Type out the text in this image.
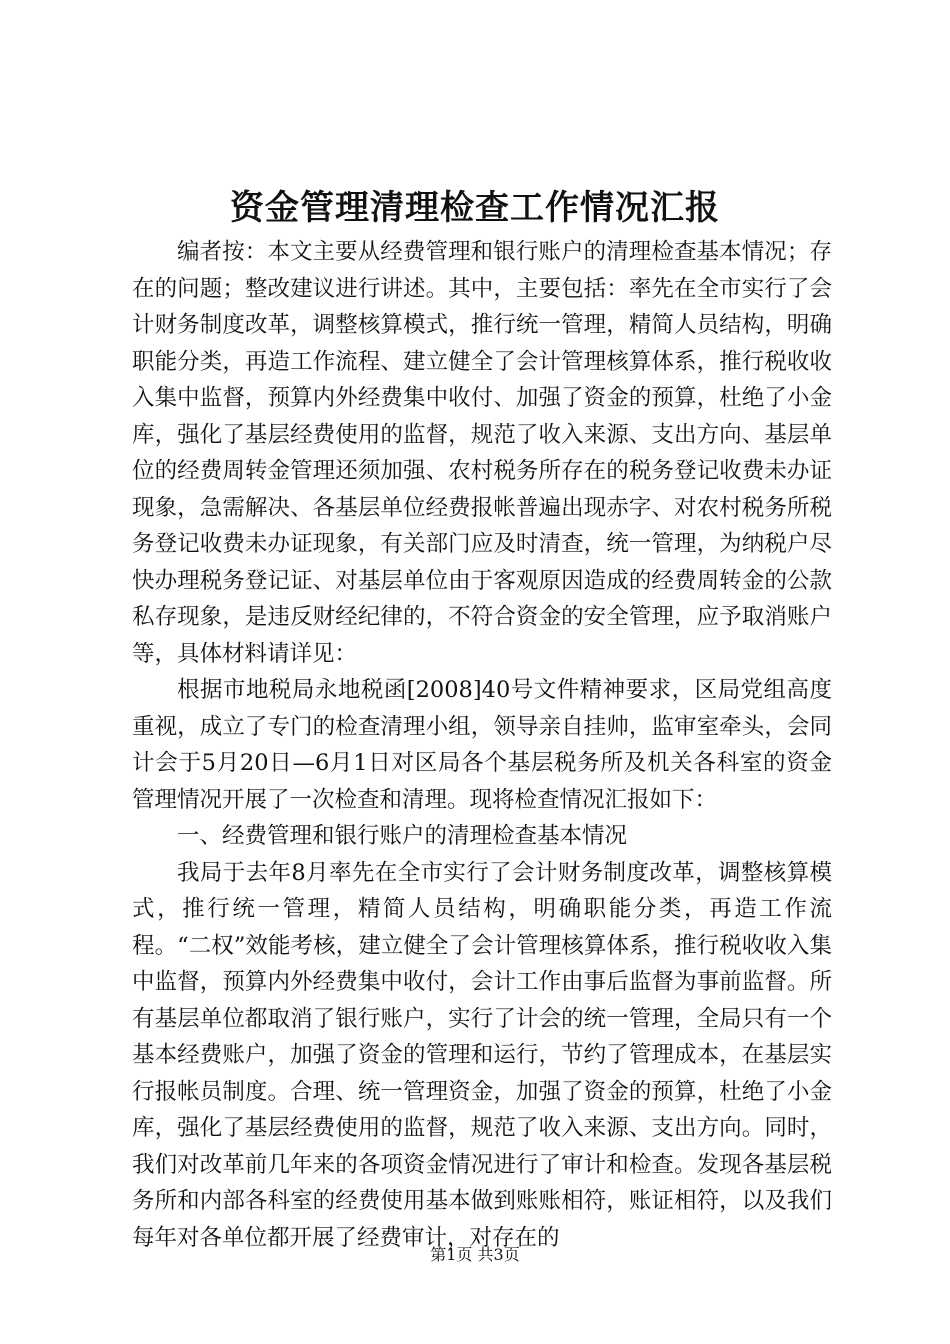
资金管理清理检查工作情况汇报

编者按：本文主要从经费管理和银行账户的清理检查基本情况；存在的问题；整改建议进行讲述。其中，主要包括：率先在全市实行了会计财务制度改革，调整核算模式，推行统一管理，精简人员结构，明确职能分类，再造工作流程、建立健全了会计管理核算体系，推行税收收入集中监督，预算内外经费集中收付、加强了资金的预算，杜绝了小金库，强化了基层经费使用的监督，规范了收入来源、支出方向、基层单位的经费周转金管理还须加强、农村税务所存在的税务登记收费未办证现象，急需解决、各基层单位经费报帐普遍出现赤字、对农村税务所税务登记收费未办证现象，有关部门应及时清查，统一管理，为纳税户尽快办理税务登记证、对基层单位由于客观原因造成的经费周转金的公款私存现象，是违反财经纪律的，不符合资金的安全管理，应予取消账户等，具体材料请详见：

根据市地税局永地税函[2008]40号文件精神要求，区局党组高度重视，成立了专门的检查清理小组，领导亲自挂帅，监审室牵头，会同计会于5月20日—6月1日对区局各个基层税务所及机关各科室的资金管理情况开展了一次检查和清理。现将检查情况汇报如下：

一、经费管理和银行账户的清理检查基本情况

我局于去年8月率先在全市实行了会计财务制度改革，调整核算模式，推行统一管理，精简人员结构，明确职能分类，再造工作流程。“二权”效能考核，建立健全了会计管理核算体系，推行税收收入集中监督，预算内外经费集中收付，会计工作由事后监督为事前监督。所有基层单位都取消了银行账户，实行了计会的统一管理，全局只有一个基本经费账户，加强了资金的管理和运行，节约了管理成本，在基层实行报帐员制度。合理、统一管理资金，加强了资金的预算，杜绝了小金库，强化了基层经费使用的监督，规范了收入来源、支出方向。同时，我们对改革前几年来的各项资金情况进行了审计和检查。发现各基层税务所和内部各科室的经费使用基本做到账账相符，账证相符，以及我们每年对各单位都开展了经费审计，对存在的

第1页 共3页
